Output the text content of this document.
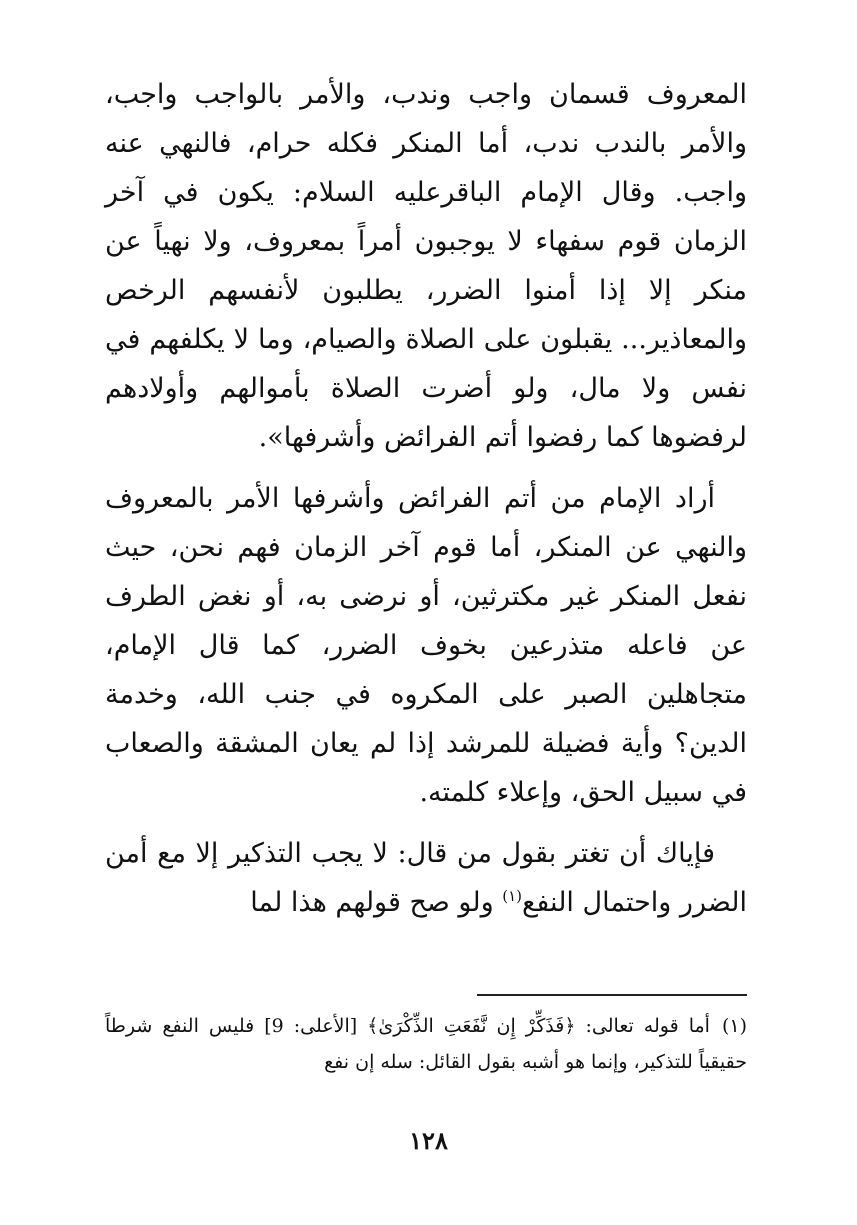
المعروف قسمان واجب وندب، والأمر بالواجب واجب، والأمر بالندب ندب، أما المنكر فكله حرام، فالنهي عنه واجب. وقال الإمام الباقرعليه السلام: يكون في آخر الزمان قوم سفهاء لا يوجبون أمراً بمعروف، ولا نهياً عن منكر إلا إذا أمنوا الضرر، يطلبون لأنفسهم الرخص والمعاذير... يقبلون على الصلاة والصيام، وما لا يكلفهم في نفس ولا مال، ولو أضرت الصلاة بأموالهم وأولادهم لرفضوها كما رفضوا أتم الفرائض وأشرفها».

أراد الإمام من أتم الفرائض وأشرفها الأمر بالمعروف والنهي عن المنكر، أما قوم آخر الزمان فهم نحن، حيث نفعل المنكر غير مكترثين، أو نرضى به، أو نغض الطرف عن فاعله متذرعين بخوف الضرر، كما قال الإمام، متجاهلين الصبر على المكروه في جنب الله، وخدمة الدين؟ وأية فضيلة للمرشد إذا لم يعان المشقة والصعاب في سبيل الحق، وإعلاء كلمته.

فإياك أن تغتر بقول من قال: لا يجب التذكير إلا مع أمن الضرر واحتمال النفع$^{(١)}$ ولو صح قولهم هذا لما

(١)أما قوله تعالى: ﴿فَذَكِّرْ إِن نَّفَعَتِ الذِّكْرَىٰ﴾ [الأعلى: 9] فليس النفع شرطاً حقيقياً للتذكير، وإنما هو أشبه بقول القائل: سله إن نفع
١٢٨
